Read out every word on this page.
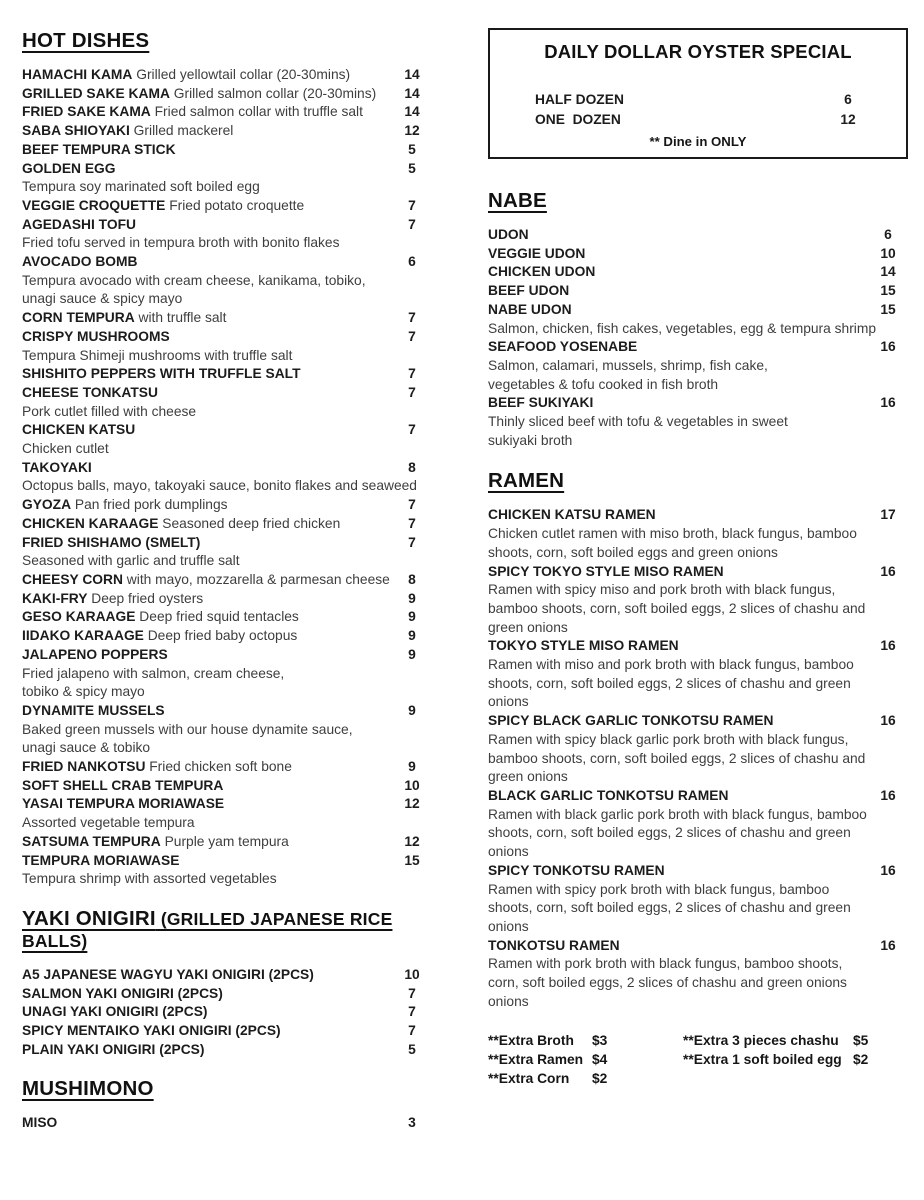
HOT DISHES
HAMACHI KAMA Grilled yellowtail collar (20-30mins)	14
GRILLED SAKE KAMA Grilled salmon collar (20-30mins)	14
FRIED SAKE KAMA Fried salmon collar with truffle salt	14
SABA SHIOYAKI Grilled mackerel	12
BEEF TEMPURA STICK	5
GOLDEN EGG	5
Tempura soy marinated soft boiled egg
VEGGIE CROQUETTE Fried potato croquette	7
AGEDASHI TOFU	7
Fried tofu served in tempura broth with bonito flakes
AVOCADO BOMB	6
Tempura avocado with cream cheese, kanikama, tobiko,
unagi sauce & spicy mayo
CORN TEMPURA with truffle salt	7
CRISPY MUSHROOMS	7
Tempura Shimeji mushrooms with truffle salt
SHISHITO PEPPERS WITH TRUFFLE SALT	7
CHEESE TONKATSU	7
Pork cutlet filled with cheese
CHICKEN KATSU	7
Chicken cutlet
TAKOYAKI	8
Octopus balls, mayo, takoyaki sauce, bonito flakes and seaweed
GYOZA Pan fried pork dumplings	7
CHICKEN KARAAGE Seasoned deep fried chicken	7
FRIED SHISHAMO (SMELT)	7
Seasoned with garlic and truffle salt
CHEESY CORN with mayo, mozzarella & parmesan cheese	8
KAKI-FRY Deep fried oysters	9
GESO KARAAGE Deep fried squid tentacles	9
IIDAKO KARAAGE Deep fried baby octopus	9
JALAPENO POPPERS	9
Fried jalapeno with salmon, cream cheese,
tobiko & spicy mayo
DYNAMITE MUSSELS	9
Baked green mussels with our house dynamite sauce,
unagi sauce & tobiko
FRIED NANKOTSU Fried chicken soft bone	9
SOFT SHELL CRAB TEMPURA	10
YASAI TEMPURA MORIAWASE	12
Assorted vegetable tempura
SATSUMA TEMPURA Purple yam tempura	12
TEMPURA MORIAWASE	15
Tempura shrimp with assorted vegetables
YAKI ONIGIRI (GRILLED JAPANESE RICE BALLS)
A5 JAPANESE WAGYU YAKI ONIGIRI (2PCS)	10
SALMON YAKI ONIGIRI (2PCS)	7
UNAGI YAKI ONIGIRI (2PCS)	7
SPICY MENTAIKO YAKI ONIGIRI (2PCS)	7
PLAIN YAKI ONIGIRI (2PCS)	5
MUSHIMONO
MISO	3
DAILY DOLLAR OYSTER SPECIAL
HALF DOZEN	6
ONE  DOZEN	12
** Dine in ONLY
NABE
UDON	6
VEGGIE UDON	10
CHICKEN UDON	14
BEEF UDON	15
NABE UDON	15
Salmon, chicken, fish cakes, vegetables, egg & tempura shrimp
SEAFOOD YOSENABE	16
Salmon, calamari, mussels, shrimp, fish cake,
vegetables & tofu cooked in fish broth
BEEF SUKIYAKI	16
Thinly sliced beef with tofu & vegetables in sweet
sukiyaki broth
RAMEN
CHICKEN KATSU RAMEN	17
Chicken cutlet ramen with miso broth, black fungus, bamboo
shoots, corn, soft boiled eggs and green onions
SPICY TOKYO STYLE MISO RAMEN	16
Ramen with spicy miso and pork broth with black fungus,
bamboo shoots, corn, soft boiled eggs, 2 slices of chashu and
green onions
TOKYO STYLE MISO RAMEN	16
Ramen with miso and pork broth with black fungus, bamboo
shoots, corn, soft boiled eggs, 2 slices of chashu and green
onions
SPICY BLACK GARLIC TONKOTSU RAMEN	16
Ramen with spicy black garlic pork broth with black fungus,
bamboo shoots, corn, soft boiled eggs, 2 slices of chashu and
green onions
BLACK GARLIC TONKOTSU RAMEN	16
Ramen with black garlic pork broth with black fungus, bamboo
shoots, corn, soft boiled eggs, 2 slices of chashu and green
onions
SPICY TONKOTSU RAMEN	16
Ramen with spicy pork broth with black fungus, bamboo
shoots, corn, soft boiled eggs, 2 slices of chashu and green
onions
TONKOTSU RAMEN	16
Ramen with pork broth with black fungus, bamboo shoots,
corn, soft boiled eggs, 2 slices of chashu and green onions
onions
**Extra Broth	$3
**Extra Ramen $4
**Extra Corn	$2
**Extra 3 pieces chashu	$5
**Extra 1 soft boiled egg $2
